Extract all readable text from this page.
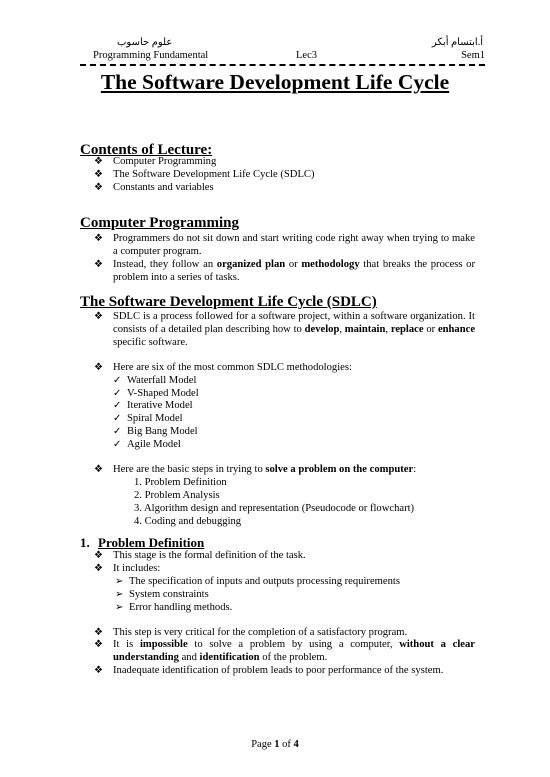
علوم حاسوب	أ.ابتسام أبكر
Programming Fundamental	Lec3	Sem1
The Software Development Life Cycle
Contents of Lecture:
❖ Computer Programming
❖ The Software Development Life Cycle (SDLC)
❖ Constants and variables
Computer Programming
❖ Programmers do not sit down and start writing code right away when trying to make a computer program.
❖ Instead, they follow an organized plan or methodology that breaks the process or problem into a series of tasks.
The Software Development Life Cycle (SDLC)
❖ SDLC is a process followed for a software project, within a software organization. It consists of a detailed plan describing how to develop, maintain, replace or enhance specific software.
❖ Here are six of the most common SDLC methodologies:
✓ Waterfall Model
✓ V-Shaped Model
✓ Iterative Model
✓ Spiral Model
✓ Big Bang Model
✓ Agile Model
❖ Here are the basic steps in trying to solve a problem on the computer:
1. Problem Definition
2. Problem Analysis
3. Algorithm design and representation (Pseudocode or flowchart)
4. Coding and debugging
1. Problem Definition
❖ This stage is the formal definition of the task.
❖ It includes:
➢ The specification of inputs and outputs processing requirements
➢ System constraints
➢ Error handling methods.
❖ This step is very critical for the completion of a satisfactory program.
❖ It is impossible to solve a problem by using a computer, without a clear understanding and identification of the problem.
❖ Inadequate identification of problem leads to poor performance of the system.
Page 1 of 4
